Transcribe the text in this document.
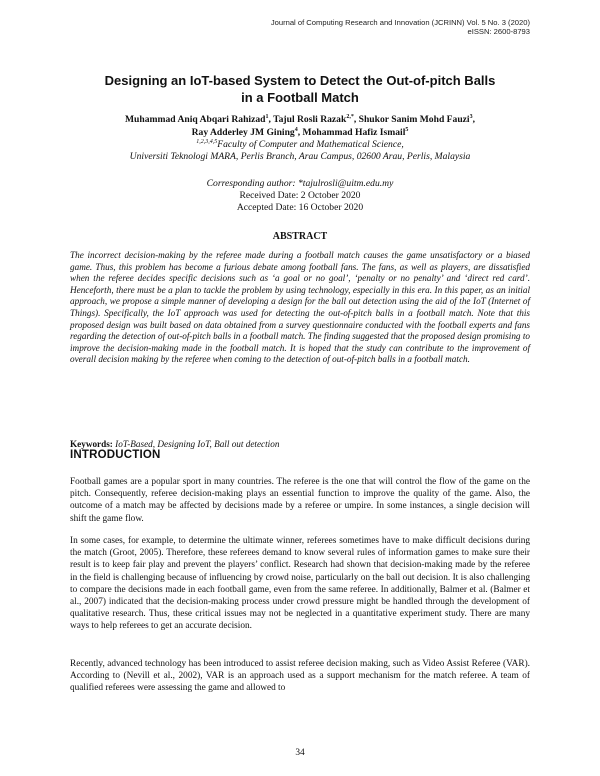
Journal of Computing Research and Innovation (JCRINN) Vol. 5 No. 3 (2020)
eISSN: 2600-8793
Designing an IoT-based System to Detect the Out-of-pitch Balls
in a Football Match
Muhammad Aniq Abqari Rahizad$^1$, Tajul Rosli Razak$^{2,*}$, Shukor Sanim Mohd Fauzi$^3$,
Ray Adderley JM Gining$^4$, Mohammad Hafiz Ismail$^5$
$^{1,2,3,4,5}$Faculty of Computer and Mathematical Science,
Universiti Teknologi MARA, Perlis Branch, Arau Campus, 02600 Arau, Perlis, Malaysia
Corresponding author: *tajulrosli@uitm.edu.my
Received Date: 2 October 2020
Accepted Date: 16 October 2020
ABSTRACT
The incorrect decision-making by the referee made during a football match causes the game unsatisfactory or a biased game. Thus, this problem has become a furious debate among football fans. The fans, as well as players, are dissatisfied when the referee decides specific decisions such as ‘a goal or no goal’, ‘penalty or no penalty’ and ‘direct red card’. Henceforth, there must be a plan to tackle the problem by using technology, especially in this era. In this paper, as an initial approach, we propose a simple manner of developing a design for the ball out detection using the aid of the IoT (Internet of Things). Specifically, the IoT approach was used for detecting the out-of-pitch balls in a football match. Note that this proposed design was built based on data obtained from a survey questionnaire conducted with the football experts and fans regarding the detection of out-of-pitch balls in a football match. The finding suggested that the proposed design promising to improve the decision-making made in the football match. It is hoped that the study can contribute to the improvement of overall decision making by the referee when coming to the detection of out-of-pitch balls in a football match.
Keywords: IoT-Based, Designing IoT, Ball out detection
INTRODUCTION
Football games are a popular sport in many countries. The referee is the one that will control the flow of the game on the pitch. Consequently, referee decision-making plays an essential function to improve the quality of the game. Also, the outcome of a match may be affected by decisions made by a referee or umpire. In some instances, a single decision will shift the game flow.
In some cases, for example, to determine the ultimate winner, referees sometimes have to make difficult decisions during the match (Groot, 2005). Therefore, these referees demand to know several rules of information games to make sure their result is to keep fair play and prevent the players’ conflict. Research had shown that decision-making made by the referee in the field is challenging because of influencing by crowd noise, particularly on the ball out decision. It is also challenging to compare the decisions made in each football game, even from the same referee. In additionally, Balmer et al. (Balmer et al., 2007) indicated that the decision-making process under crowd pressure might be handled through the development of qualitative research. Thus, these critical issues may not be neglected in a quantitative experiment study. There are many ways to help referees to get an accurate decision.
Recently, advanced technology has been introduced to assist referee decision making, such as Video Assist Referee (VAR). According to (Nevill et al., 2002), VAR is an approach used as a support mechanism for the match referee. A team of qualified referees were assessing the game and allowed to
34
